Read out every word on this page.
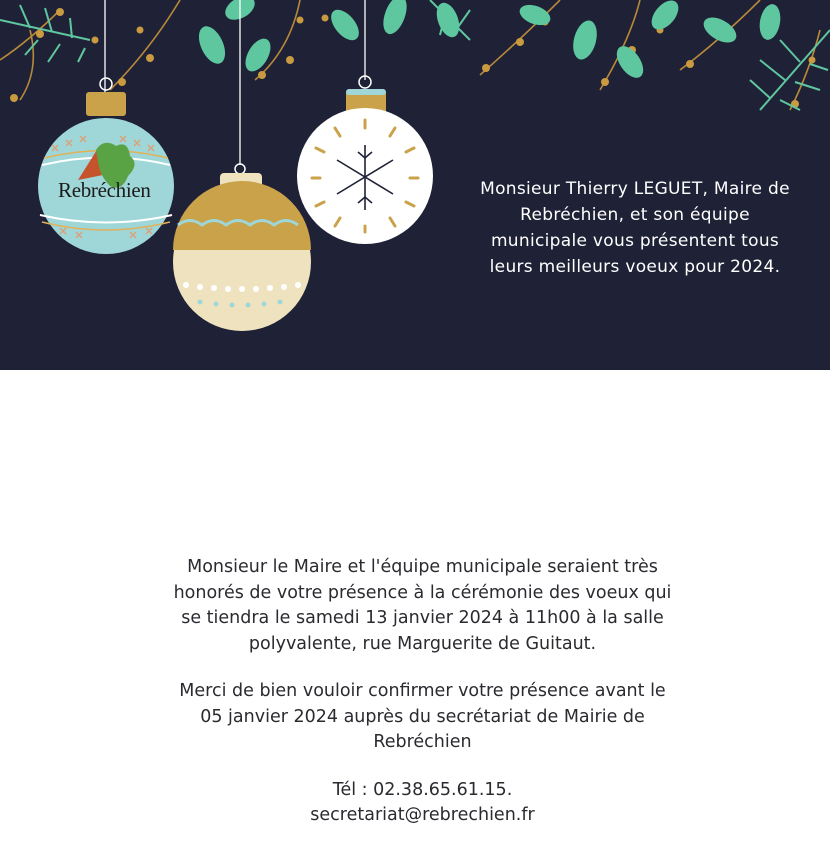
Rebréchien	Monsieur Thierry LEGUET, Maire de
Rebréchien, et son équipe
municipale vous présentent tous
leurs meilleurs voeux pour 2024.
Monsieur le Maire et l'équipe municipale seraient très
honorés de votre présence à la cérémonie des voeux qui
se tiendra le samedi 13 janvier 2024 à 11h00 à la salle
polyvalente, rue Marguerite de Guitaut.
Merci de bien vouloir confirmer votre présence avant le
05 janvier 2024 auprès du secrétariat de Mairie de
Rebréchien
Tél : 02.38.65.61.15.
secretariat@rebrechien.fr
